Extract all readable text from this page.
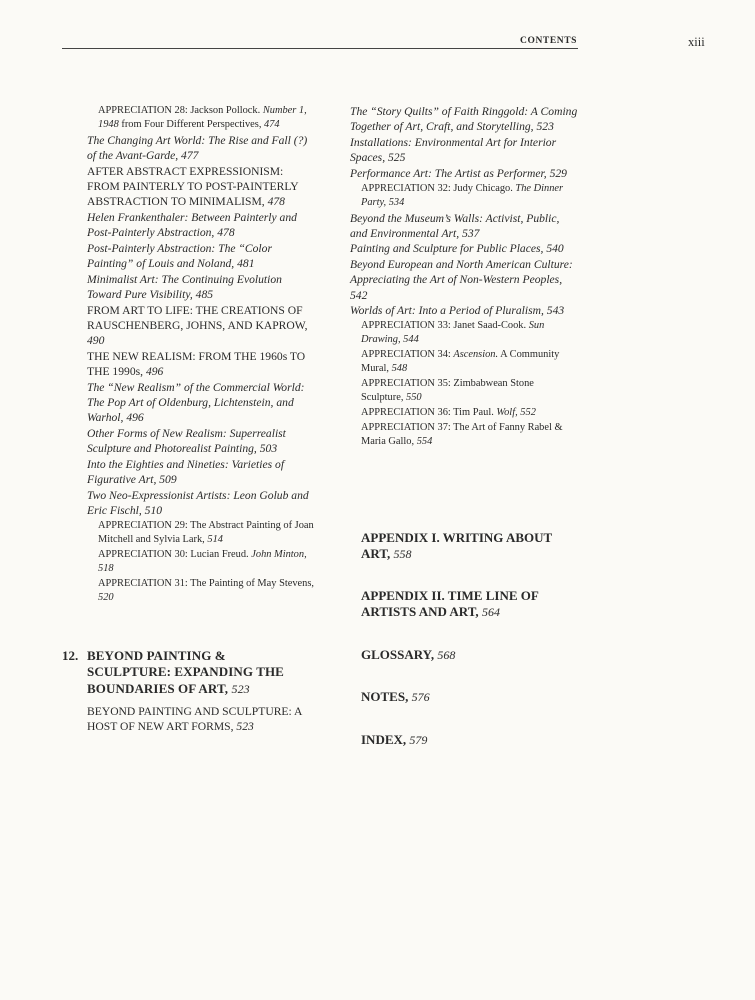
CONTENTS	xiii
APPRECIATION 28: Jackson Pollock. Number 1, 1948 from Four Different Perspectives, 474
The Changing Art World: The Rise and Fall (?) of the Avant-Garde, 477
AFTER ABSTRACT EXPRESSIONISM: FROM PAINTERLY TO POST-PAINTERLY ABSTRACTION TO MINIMALISM, 478
Helen Frankenthaler: Between Painterly and Post-Painterly Abstraction, 478
Post-Painterly Abstraction: The “Color Painting” of Louis and Noland, 481
Minimalist Art: The Continuing Evolution Toward Pure Visibility, 485
FROM ART TO LIFE: THE CREATIONS OF RAUSCHENBERG, JOHNS, AND KAPROW, 490
THE NEW REALISM: FROM THE 1960s TO THE 1990s, 496
The “New Realism” of the Commercial World: The Pop Art of Oldenburg, Lichtenstein, and Warhol, 496
Other Forms of New Realism: Superrealist Sculpture and Photorealist Painting, 503
Into the Eighties and Nineties: Varieties of Figurative Art, 509
Two Neo-Expressionist Artists: Leon Golub and Eric Fischl, 510
APPRECIATION 29: The Abstract Painting of Joan Mitchell and Sylvia Lark, 514
APPRECIATION 30: Lucian Freud. John Minton, 518
APPRECIATION 31: The Painting of May Stevens, 520
12. BEYOND PAINTING & SCULPTURE: EXPANDING THE BOUNDARIES OF ART, 523
BEYOND PAINTING AND SCULPTURE: A HOST OF NEW ART FORMS, 523
The “Story Quilts” of Faith Ringgold: A Coming Together of Art, Craft, and Storytelling, 523
Installations: Environmental Art for Interior Spaces, 525
Performance Art: The Artist as Performer, 529
APPRECIATION 32: Judy Chicago. The Dinner Party, 534
Beyond the Museum’s Walls: Activist, Public, and Environmental Art, 537
Painting and Sculpture for Public Places, 540
Beyond European and North American Culture: Appreciating the Art of Non-Western Peoples, 542
Worlds of Art: Into a Period of Pluralism, 543
APPRECIATION 33: Janet Saad-Cook. Sun Drawing, 544
APPRECIATION 34: Ascension. A Community Mural, 548
APPRECIATION 35: Zimbabwean Stone Sculpture, 550
APPRECIATION 36: Tim Paul. Wolf, 552
APPRECIATION 37: The Art of Fanny Rabel & Maria Gallo, 554
APPENDIX I. WRITING ABOUT ART, 558
APPENDIX II. TIME LINE OF ARTISTS AND ART, 564
GLOSSARY, 568
NOTES, 576
INDEX, 579
